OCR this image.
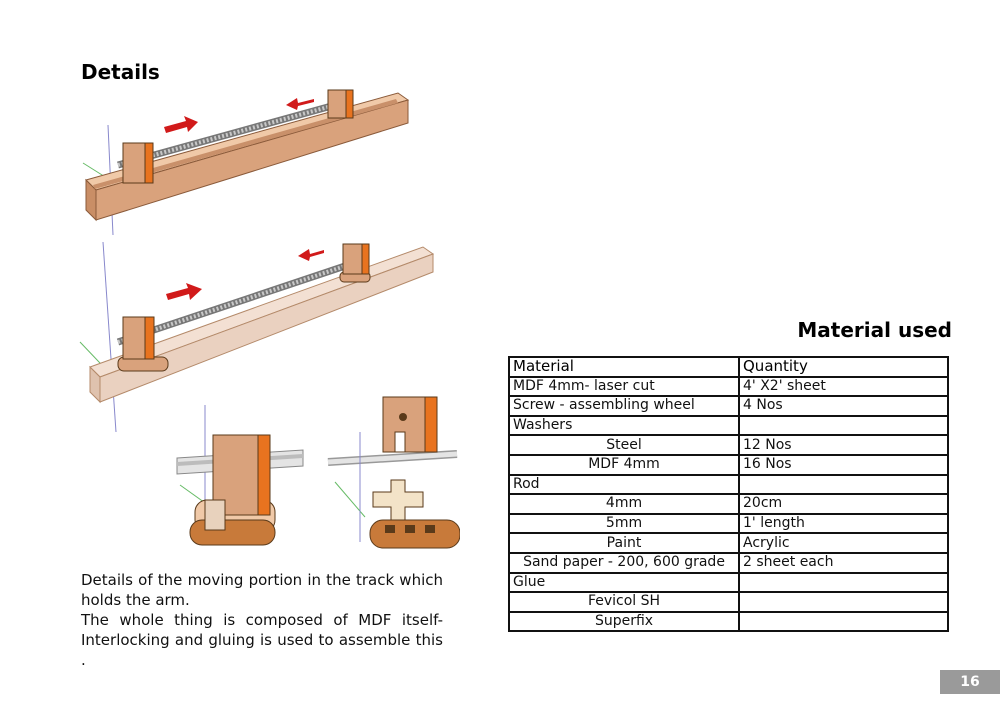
Details

Details of the moving portion in the track which
holds the arm.
The whole thing is composed of MDF itself-
Interlocking and gluing is used to assemble this .

Material used
Material	Quantity
MDF 4mm- laser cut	4' X2' sheet
Screw - assembling wheel	4 Nos
Washers	
Steel	12 Nos
MDF 4mm	16 Nos
Rod	
4mm	20cm
5mm	1' length
Paint	Acrylic
Sand paper - 200, 600 grade	2 sheet each
Glue	
Fevicol SH	
Superfix	
16
